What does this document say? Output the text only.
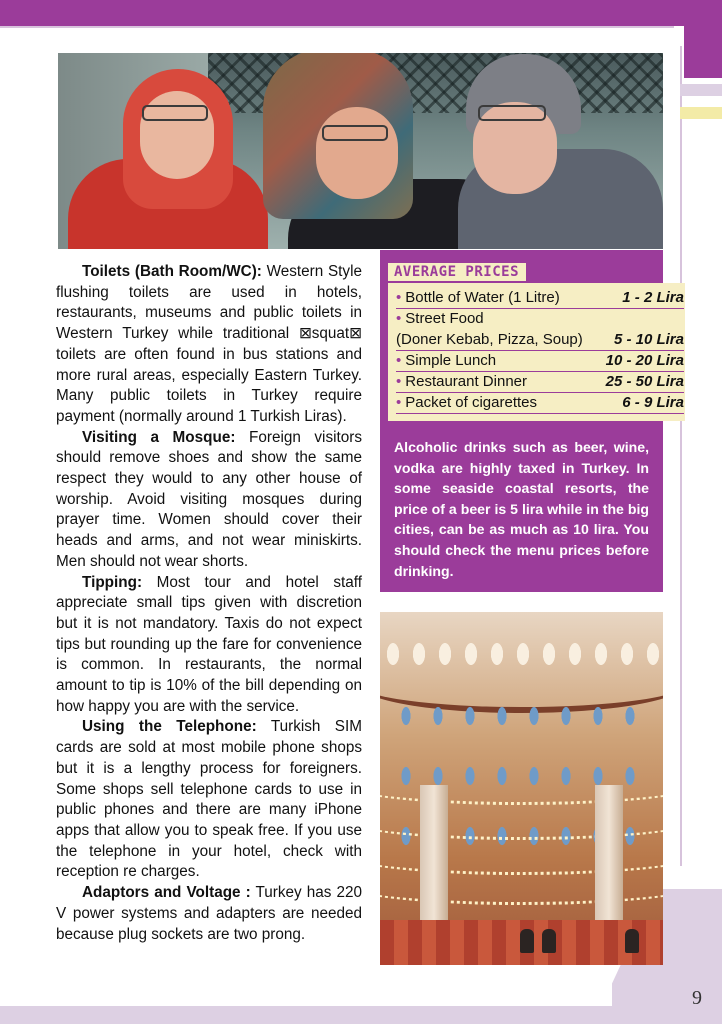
9

Toilets (Bath Room/WC): Western Style flushing toilets are used in hotels, restaurants, museums and public toilets in Western Turkey while traditional ⊠squat⊠ toilets are often found in bus stations and more rural areas, especially Eastern Turkey. Many public toilets in Turkey require payment (normally around 1 Turkish Liras).

Visiting a Mosque: Foreign visitors should remove shoes and show the same respect they would to any other house of worship. Avoid visiting mosques during prayer time. Women should cover their heads and arms, and not wear miniskirts. Men should not wear shorts.

Tipping: Most tour and hotel staff appreciate small tips given with discretion but it is not mandatory. Taxis do not expect tips but rounding up the fare for convenience is common. In restaurants, the normal amount to tip is 10% of the bill depending on how happy you are with the service.

Using the Telephone: Turkish SIM cards are sold at most mobile phone shops but it is a lengthy process for foreigners. Some shops sell telephone cards to use in public phones and there are many iPhone apps that allow you to speak free. If you use the telephone in your hotel, check with reception re charges.

Adaptors and Voltage : Turkey has 220 V power systems and adapters are needed because plug sockets are two prong.

AVERAGE PRICES
• Bottle of Water (1 Litre)	1 - 2 Lira
• Street Food
(Doner Kebab, Pizza, Soup) 5 - 10 Lira
• Simple Lunch	10 - 20 Lira
• Restaurant Dinner	25 - 50 Lira
• Packet of cigarettes	6 - 9 Lira
Alcoholic drinks such as beer, wine, vodka are highly taxed in Turkey. In some seaside coastal resorts, the price of a beer is 5 lira while in the big cities, can be as much as 10 lira. You should check the menu prices before drinking.
